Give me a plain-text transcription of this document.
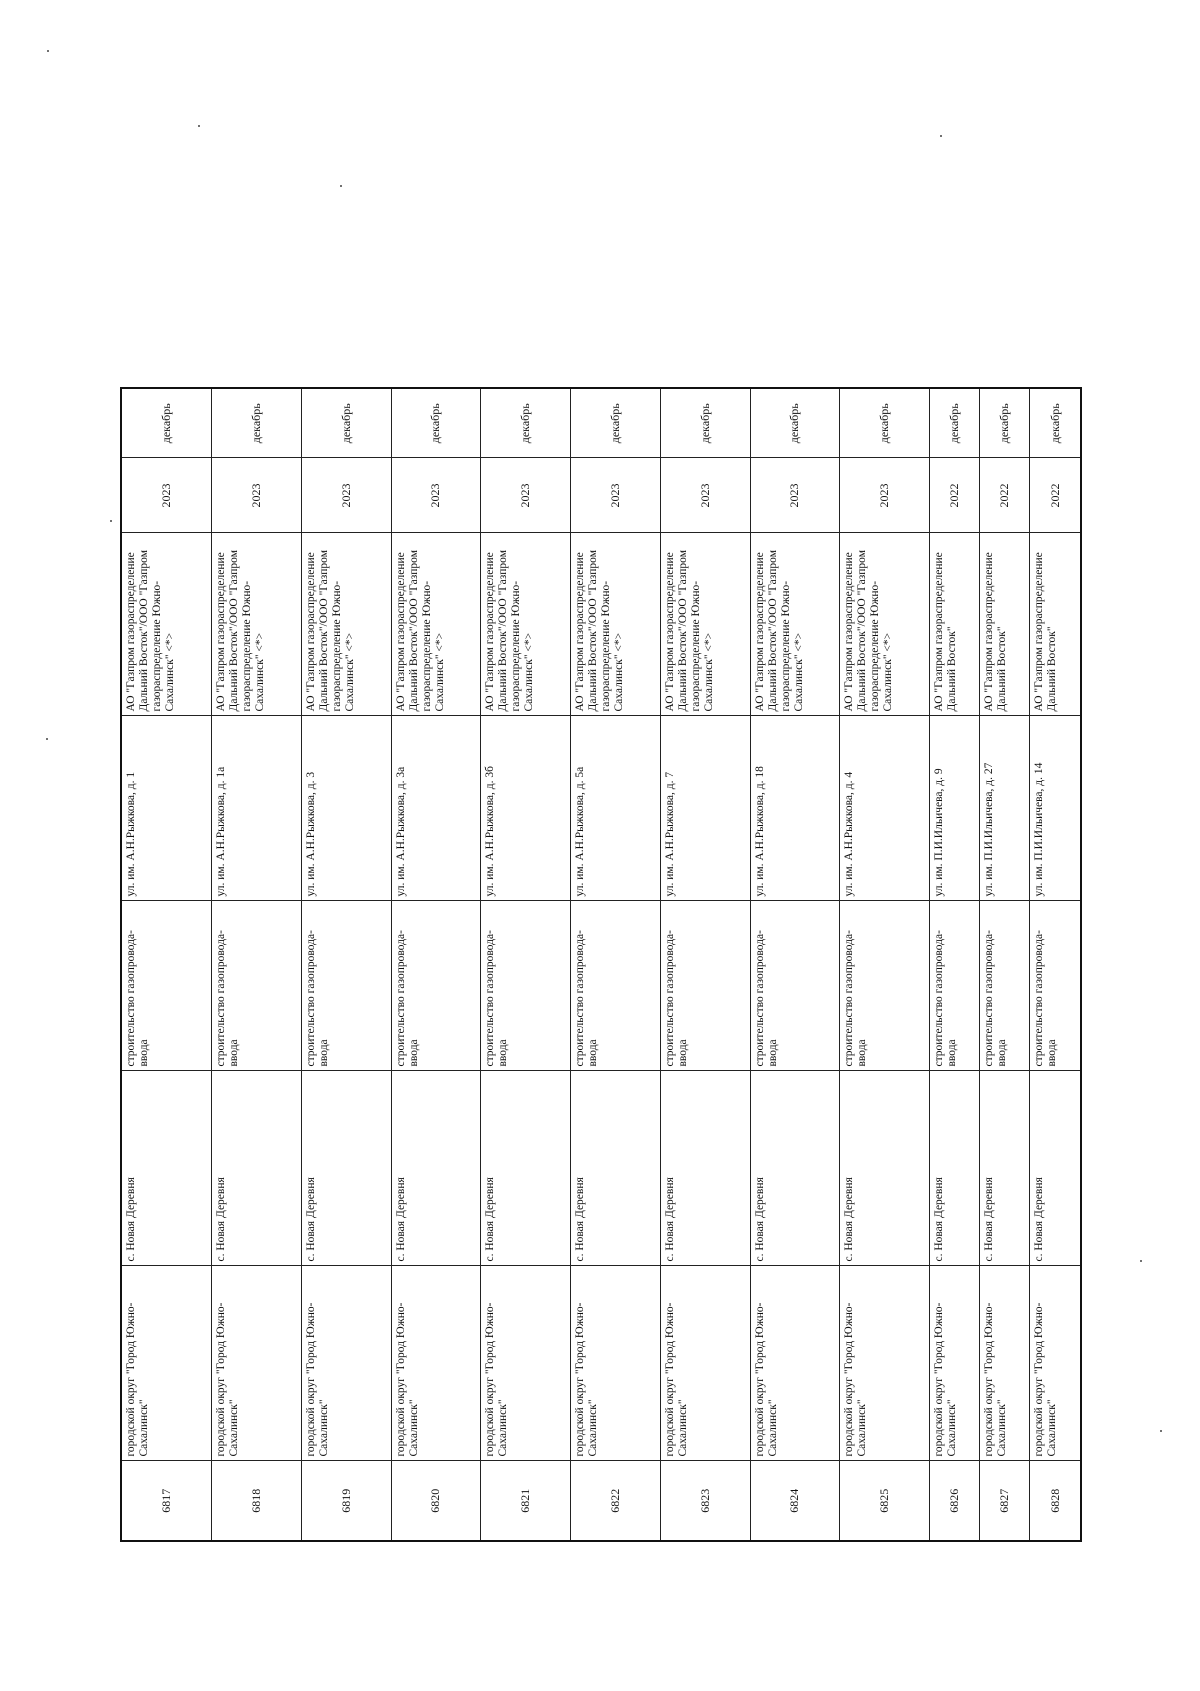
6817	городской округ "Город Южно-Сахалинск"	с. Новая Деревня	строительство газопровода-ввода	ул. им. А.Н.Рыжкова, д. 1	АО "Газпром газораспределение Дальний Восток"/ООО "Газпром газораспределение Южно-Сахалинск" <*>	2023	декабрь
6818	городской округ "Город Южно-Сахалинск"	с. Новая Деревня	строительство газопровода-ввода	ул. им. А.Н.Рыжкова, д. 1а	АО "Газпром газораспределение Дальний Восток"/ООО "Газпром газораспределение Южно-Сахалинск" <*>	2023	декабрь
6819	городской округ "Город Южно-Сахалинск"	с. Новая Деревня	строительство газопровода-ввода	ул. им. А.Н.Рыжкова, д. 3	АО "Газпром газораспределение Дальний Восток"/ООО "Газпром газораспределение Южно-Сахалинск" <*>	2023	декабрь
6820	городской округ "Город Южно-Сахалинск"	с. Новая Деревня	строительство газопровода-ввода	ул. им. А.Н.Рыжкова, д. 3а	АО "Газпром газораспределение Дальний Восток"/ООО "Газпром газораспределение Южно-Сахалинск" <*>	2023	декабрь
6821	городской округ "Город Южно-Сахалинск"	с. Новая Деревня	строительство газопровода-ввода	ул. им. А.Н.Рыжкова, д. 3б	АО "Газпром газораспределение Дальний Восток"/ООО "Газпром газораспределение Южно-Сахалинск" <*>	2023	декабрь
6822	городской округ "Город Южно-Сахалинск"	с. Новая Деревня	строительство газопровода-ввода	ул. им. А.Н.Рыжкова, д. 5а	АО "Газпром газораспределение Дальний Восток"/ООО "Газпром газораспределение Южно-Сахалинск" <*>	2023	декабрь
6823	городской округ "Город Южно-Сахалинск"	с. Новая Деревня	строительство газопровода-ввода	ул. им. А.Н.Рыжкова, д. 7	АО "Газпром газораспределение Дальний Восток"/ООО "Газпром газораспределение Южно-Сахалинск" <*>	2023	декабрь
6824	городской округ "Город Южно-Сахалинск"	с. Новая Деревня	строительство газопровода-ввода	ул. им. А.Н.Рыжкова, д. 18	АО "Газпром газораспределение Дальний Восток"/ООО "Газпром газораспределение Южно-Сахалинск" <*>	2023	декабрь
6825	городской округ "Город Южно-Сахалинск"	с. Новая Деревня	строительство газопровода-ввода	ул. им. А.Н.Рыжкова, д. 4	АО "Газпром газораспределение Дальний Восток"/ООО "Газпром газораспределение Южно-Сахалинск" <*>	2023	декабрь
6826	городской округ "Город Южно-Сахалинск"	с. Новая Деревня	строительство газопровода-ввода	ул. им. П.И.Ильичева, д. 9	АО "Газпром газораспределение Дальний Восток"	2022	декабрь
6827	городской округ "Город Южно-Сахалинск"	с. Новая Деревня	строительство газопровода-ввода	ул. им. П.И.Ильичева, д. 27	АО "Газпром газораспределение Дальний Восток"	2022	декабрь
6828	городской округ "Город Южно-Сахалинск"	с. Новая Деревня	строительство газопровода-ввода	ул. им. П.И.Ильичева, д. 14	АО "Газпром газораспределение Дальний Восток"	2022	декабрь
